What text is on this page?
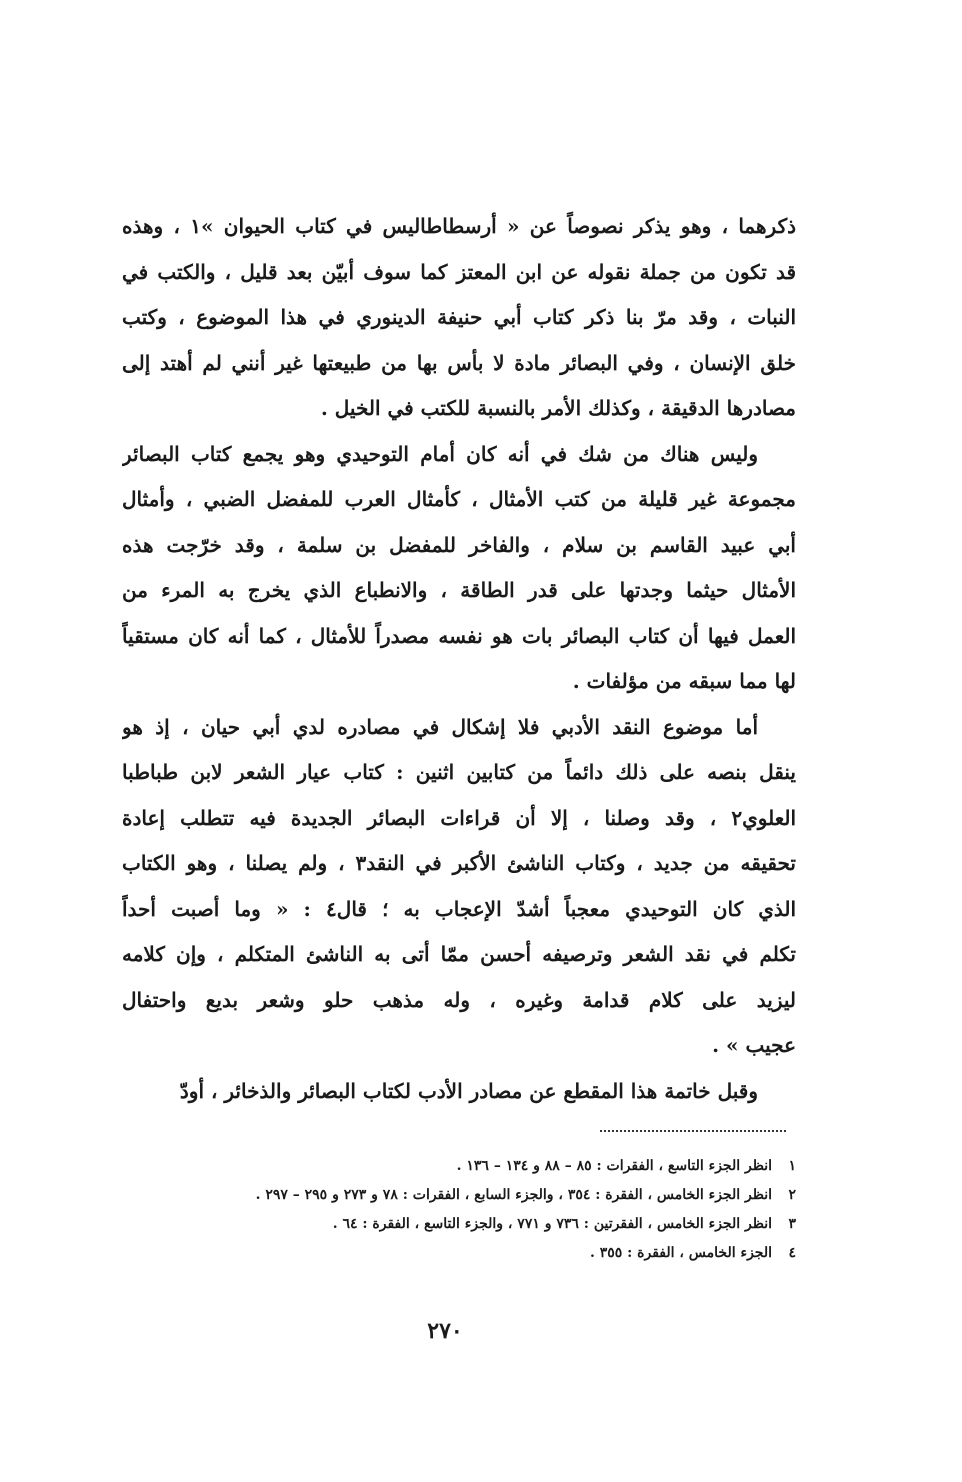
ذكرهما ، وهو يذكر نصوصاً عن « أرسطاطاليس في كتاب الحيوان »١ ، وهذه
قد تكون من جملة نقوله عن ابن المعتز كما سوف أبيّن بعد قليل ، والكتب في
النبات ، وقد مرّ بنا ذكر كتاب أبي حنيفة الدينوري في هذا الموضوع ، وكتب
خلق الإنسان ، وفي البصائر مادة لا بأس بها من طبيعتها غير أنني لم أهتد إلى
مصادرها الدقيقة ، وكذلك الأمر بالنسبة للكتب في الخيل .
وليس هناك من شك في أنه كان أمام التوحيدي وهو يجمع كتاب البصائر
مجموعة غير قليلة من كتب الأمثال ، كأمثال العرب للمفضل الضبي ، وأمثال
أبي عبيد القاسم بن سلام ، والفاخر للمفضل بن سلمة ، وقد خرّجت هذه
الأمثال حيثما وجدتها على قدر الطاقة ، والانطباع الذي يخرج به المرء من
العمل فيها أن كتاب البصائر بات هو نفسه مصدراً للأمثال ، كما أنه كان مستقياً
لها مما سبقه من مؤلفات .
أما موضوع النقد الأدبي فلا إشكال في مصادره لدي أبي حيان ، إذ هو
ينقل بنصه على ذلك دائماً من كتابين اثنين : كتاب عيار الشعر لابن طباطبا
العلوي٢ ، وقد وصلنا ، إلا أن قراءات البصائر الجديدة فيه تتطلب إعادة
تحقيقه من جديد ، وكتاب الناشئ الأكبر في النقد٣ ، ولم يصلنا ، وهو الكتاب
الذي كان التوحيدي معجباً أشدّ الإعجاب به ؛ قال٤ : « وما أصبت أحداً
تكلم في نقد الشعر وترصيفه أحسن ممّا أتى به الناشئ المتكلم ، وإن كلامه
ليزيد على كلام قدامة وغيره ، وله مذهب حلو وشعر بديع واحتفال
عجيب » .
وقبل خاتمة هذا المقطع عن مصادر الأدب لكتاب البصائر والذخائر ، أودّ
١انظر الجزء التاسع ، الفقرات : ٨٥ – ٨٨ و ١٣٤ – ١٣٦ .
٢انظر الجزء الخامس ، الفقرة : ٣٥٤ ، والجزء السابع ، الفقرات : ٧٨ و ٢٧٣ و ٢٩٥ – ٢٩٧ .
٣انظر الجزء الخامس ، الفقرتين : ٧٣٦ و ٧٧١ ، والجزء التاسع ، الفقرة : ٦٤ .
٤الجزء الخامس ، الفقرة : ٣٥٥ .
٢٧٠
